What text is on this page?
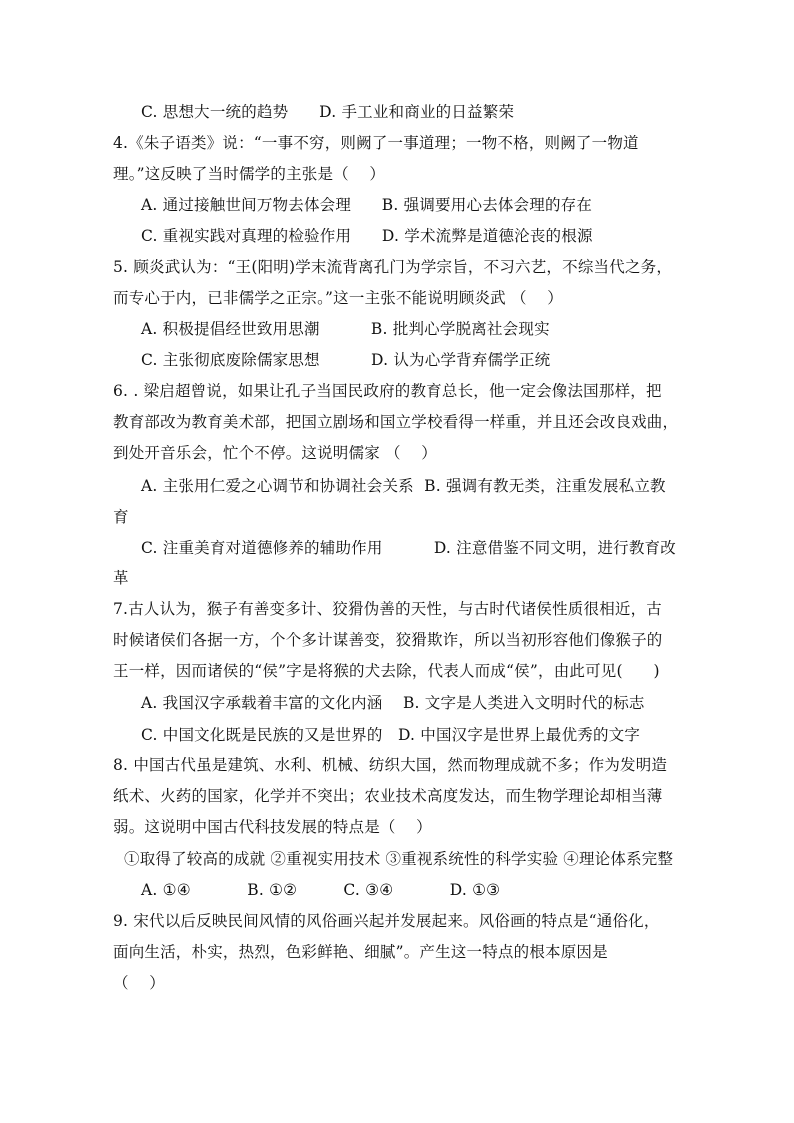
C. 思想大一统的趋势      D. 手工业和商业的日益繁荣
4.《朱子语类》说：“一事不穷，则阙了一事道理；一物不格，则阙了一物道
理。”这反映了当时儒学的主张是（    ）
A. 通过接触世间万物去体会理      B. 强调要用心去体会理的存在
C. 重视实践对真理的检验作用      D. 学术流弊是道德沦丧的根源
5. 顾炎武认为：“王(阳明)学末流背离孔门为学宗旨，不习六艺，不综当代之务，
而专心于内，已非儒学之正宗。”这一主张不能说明顾炎武 （    ）
A. 积极提倡经世致用思潮          B. 批判心学脱离社会现实
C. 主张彻底废除儒家思想          D. 认为心学背弃儒学正统
6. . 梁启超曾说，如果让孔子当国民政府的教育总长，他一定会像法国那样，把
教育部改为教育美术部，把国立剧场和国立学校看得一样重，并且还会改良戏曲，
到处开音乐会，忙个不停。这说明儒家 （    ）
A. 主张用仁爱之心调节和协调社会关系  B. 强调有教无类，注重发展私立教
育
C. 注重美育对道德修养的辅助作用          D. 注意借鉴不同文明，进行教育改
革
7.古人认为，猴子有善变多计、狡猾伪善的天性，与古时代诸侯性质很相近，古
时候诸侯们各据一方，个个多计谋善变，狡猾欺诈，所以当初形容他们像猴子的
王一样，因而诸侯的“侯”字是将猴的犬去除，代表人而成“侯”，由此可见(      )
A. 我国汉字承载着丰富的文化内涵    B. 文字是人类进入文明时代的标志
C. 中国文化既是民族的又是世界的   D. 中国汉字是世界上最优秀的文字
8. 中国古代虽是建筑、水利、机械、纺织大国，然而物理成就不多；作为发明造
纸术、火药的国家，化学并不突出；农业技术高度发达，而生物学理论却相当薄
弱。这说明中国古代科技发展的特点是（    ）
①取得了较高的成就 ②重视实用技术 ③重视系统性的科学实验 ④理论体系完整
A. ①④           B. ①②         C. ③④           D. ①③
9. 宋代以后反映民间风情的风俗画兴起并发展起来。风俗画的特点是“通俗化，
面向生活，朴实，热烈，色彩鲜艳、细腻”。产生这一特点的根本原因是
（    ）
